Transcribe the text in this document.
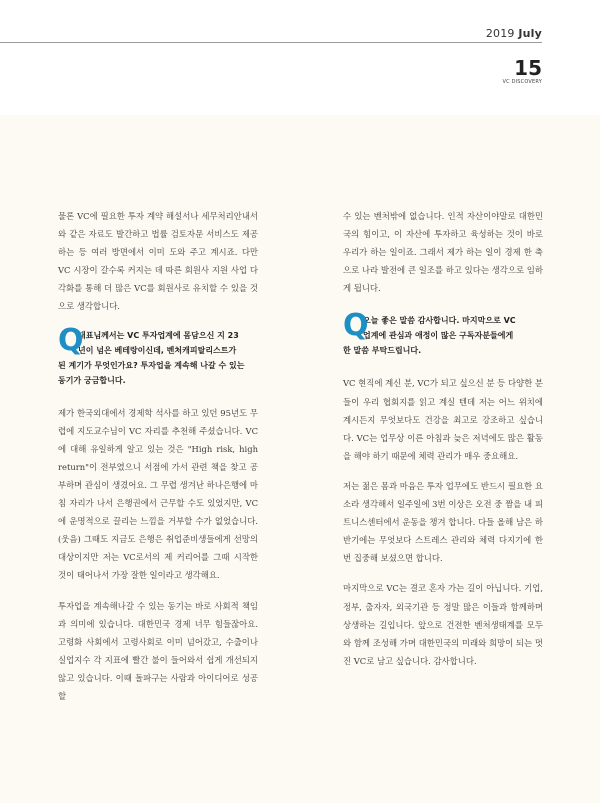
2019 July
15
VC DISCOVERY

물론 VC에 필요한 투자 계약 해설서나 세무처리안내서와 같은 자료도 발간하고 법률 검토자문 서비스도 제공하는 등 여러 방면에서 이미 도와 주고 계시죠. 다만 VC 시장이 갈수록 커지는 데 따른 회원사 지원 사업 다각화를 통해 더 많은 VC를 회원사로 유치할 수 있을 것으로 생각합니다.

Q
대표님께서는 VC 투자업계에 몸담으신 지 23
년이 넘은 베테랑이신데, 벤처캐피탈리스트가
된 계기가 무엇인가요? 투자업을 계속해 나갈 수 있는
동기가 궁금합니다.

제가 한국외대에서 경제학 석사를 하고 있던 95년도 무렵에 지도교수님이 VC 자리를 추천해 주셨습니다. VC에 대해 유일하게 알고 있는 것은 "High risk, high return"이 전부였으니 서점에 가서 관련 책을 찾고 공부하며 관심이 생겼어요. 그 무렵 생겨난 하나은행에 마침 자리가 나서 은행권에서 근무할 수도 있었지만, VC에 운명적으로 끌리는 느낌을 거부할 수가 없었습니다. (웃음) 그때도 지금도 은행은 취업준비생들에게 선망의 대상이지만 저는 VC로서의 제 커리어를 그때 시작한 것이 태어나서 가장 잘한 일이라고 생각해요.

투자업을 계속해나갈 수 있는 동기는 바로 사회적 책임과 의미에 있습니다. 대한민국 경제 너무 힘들잖아요. 고령화 사회에서 고령사회로 이미 넘어갔고, 수출이나 실업지수 각 지표에 빨간 불이 들어와서 쉽게 개선되지 않고 있습니다. 이때 돌파구는 사람과 아이디어로 성공할

수 있는 벤처밖에 없습니다. 인적 자산이야말로 대한민국의 힘이고, 이 자산에 투자하고 육성하는 것이 바로 우리가 하는 일이죠. 그래서 제가 하는 일이 경제 한 축으로 나라 발전에 큰 일조를 하고 있다는 생각으로 임하게 됩니다.

Q
오늘 좋은 말씀 감사합니다. 마지막으로 VC
업계에 관심과 애정이 많은 구독자분들에게
한 말씀 부탁드립니다.

VC 현직에 계신 분, VC가 되고 싶으신 분 등 다양한 분들이 우리 협회지를 읽고 계실 텐데 저는 어느 위치에 계시든지 무엇보다도 건강을 최고로 강조하고 싶습니다. VC는 업무상 이른 아침과 늦은 저녁에도 많은 활동을 해야 하기 때문에 체력 관리가 매우 중요해요.

저는 젊은 몸과 마음은 투자 업무에도 반드시 필요한 요소라 생각해서 일주일에 3번 이상은 오전 중 짬을 내 피트니스센터에서 운동을 챙겨 합니다. 다들 올해 남은 하반기에는 무엇보다 스트레스 관리와 체력 다지기에 한 번 집중해 보셨으면 합니다.

마지막으로 VC는 결코 혼자 가는 길이 아닙니다. 기업, 정부, 출자자, 외국기관 등 정말 많은 이들과 함께하며 상생하는 길입니다. 앞으로 건전한 벤처생태계를 모두와 함께 조성해 가며 대한민국의 미래와 희망이 되는 멋진 VC로 남고 싶습니다. 감사합니다.
